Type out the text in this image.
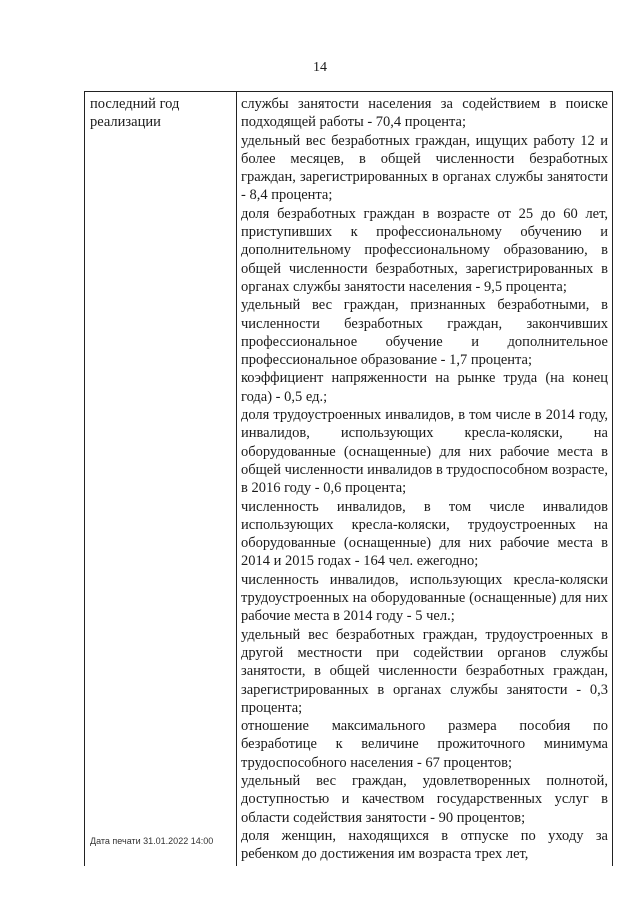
14
последний год реализации

службы занятости населения за содействием в поиске подходящей работы - 70,4 процента;

удельный вес безработных граждан, ищущих работу 12 и более месяцев, в общей численности безработных граждан, зарегистрированных в органах службы занятости - 8,4 процента;

доля безработных граждан в возрасте от 25 до 60 лет, приступивших к профессиональному обучению и дополнительному профессиональному образованию, в общей численности безработных, зарегистрированных в органах службы занятости населения - 9,5 процента;

удельный вес граждан, признанных безработными, в численности безработных граждан, закончивших профессиональное обучение и дополнительное профессиональное образование - 1,7 процента;

коэффициент напряженности на рынке труда (на конец года) - 0,5 ед.;

доля трудоустроенных инвалидов, в том числе в 2014 году, инвалидов, использующих кресла-коляски, на оборудованные (оснащенные) для них рабочие места в общей численности инвалидов в трудоспособном возрасте, в 2016 году - 0,6 процента;

численность инвалидов, в том числе инвалидов использующих кресла-коляски, трудоустроенных на оборудованные (оснащенные) для них рабочие места в 2014 и 2015 годах - 164 чел. ежегодно;

численность инвалидов, использующих кресла-коляски трудоустроенных на оборудованные (оснащенные) для них рабочие места в 2014 году - 5 чел.;

удельный вес безработных граждан, трудоустроенных в другой местности при содействии органов службы занятости, в общей численности безработных граждан, зарегистрированных в органах службы занятости - 0,3 процента;

отношение максимального размера пособия по безработице к величине прожиточного минимума трудоспособного населения - 67 процентов;

удельный вес граждан, удовлетворенных полнотой, доступностью и качеством государственных услуг в области содействия занятости - 90 процентов;

доля женщин, находящихся в отпуске по уходу за ребенком до достижения им возраста трех лет,

Дата печати 31.01.2022 14:00
